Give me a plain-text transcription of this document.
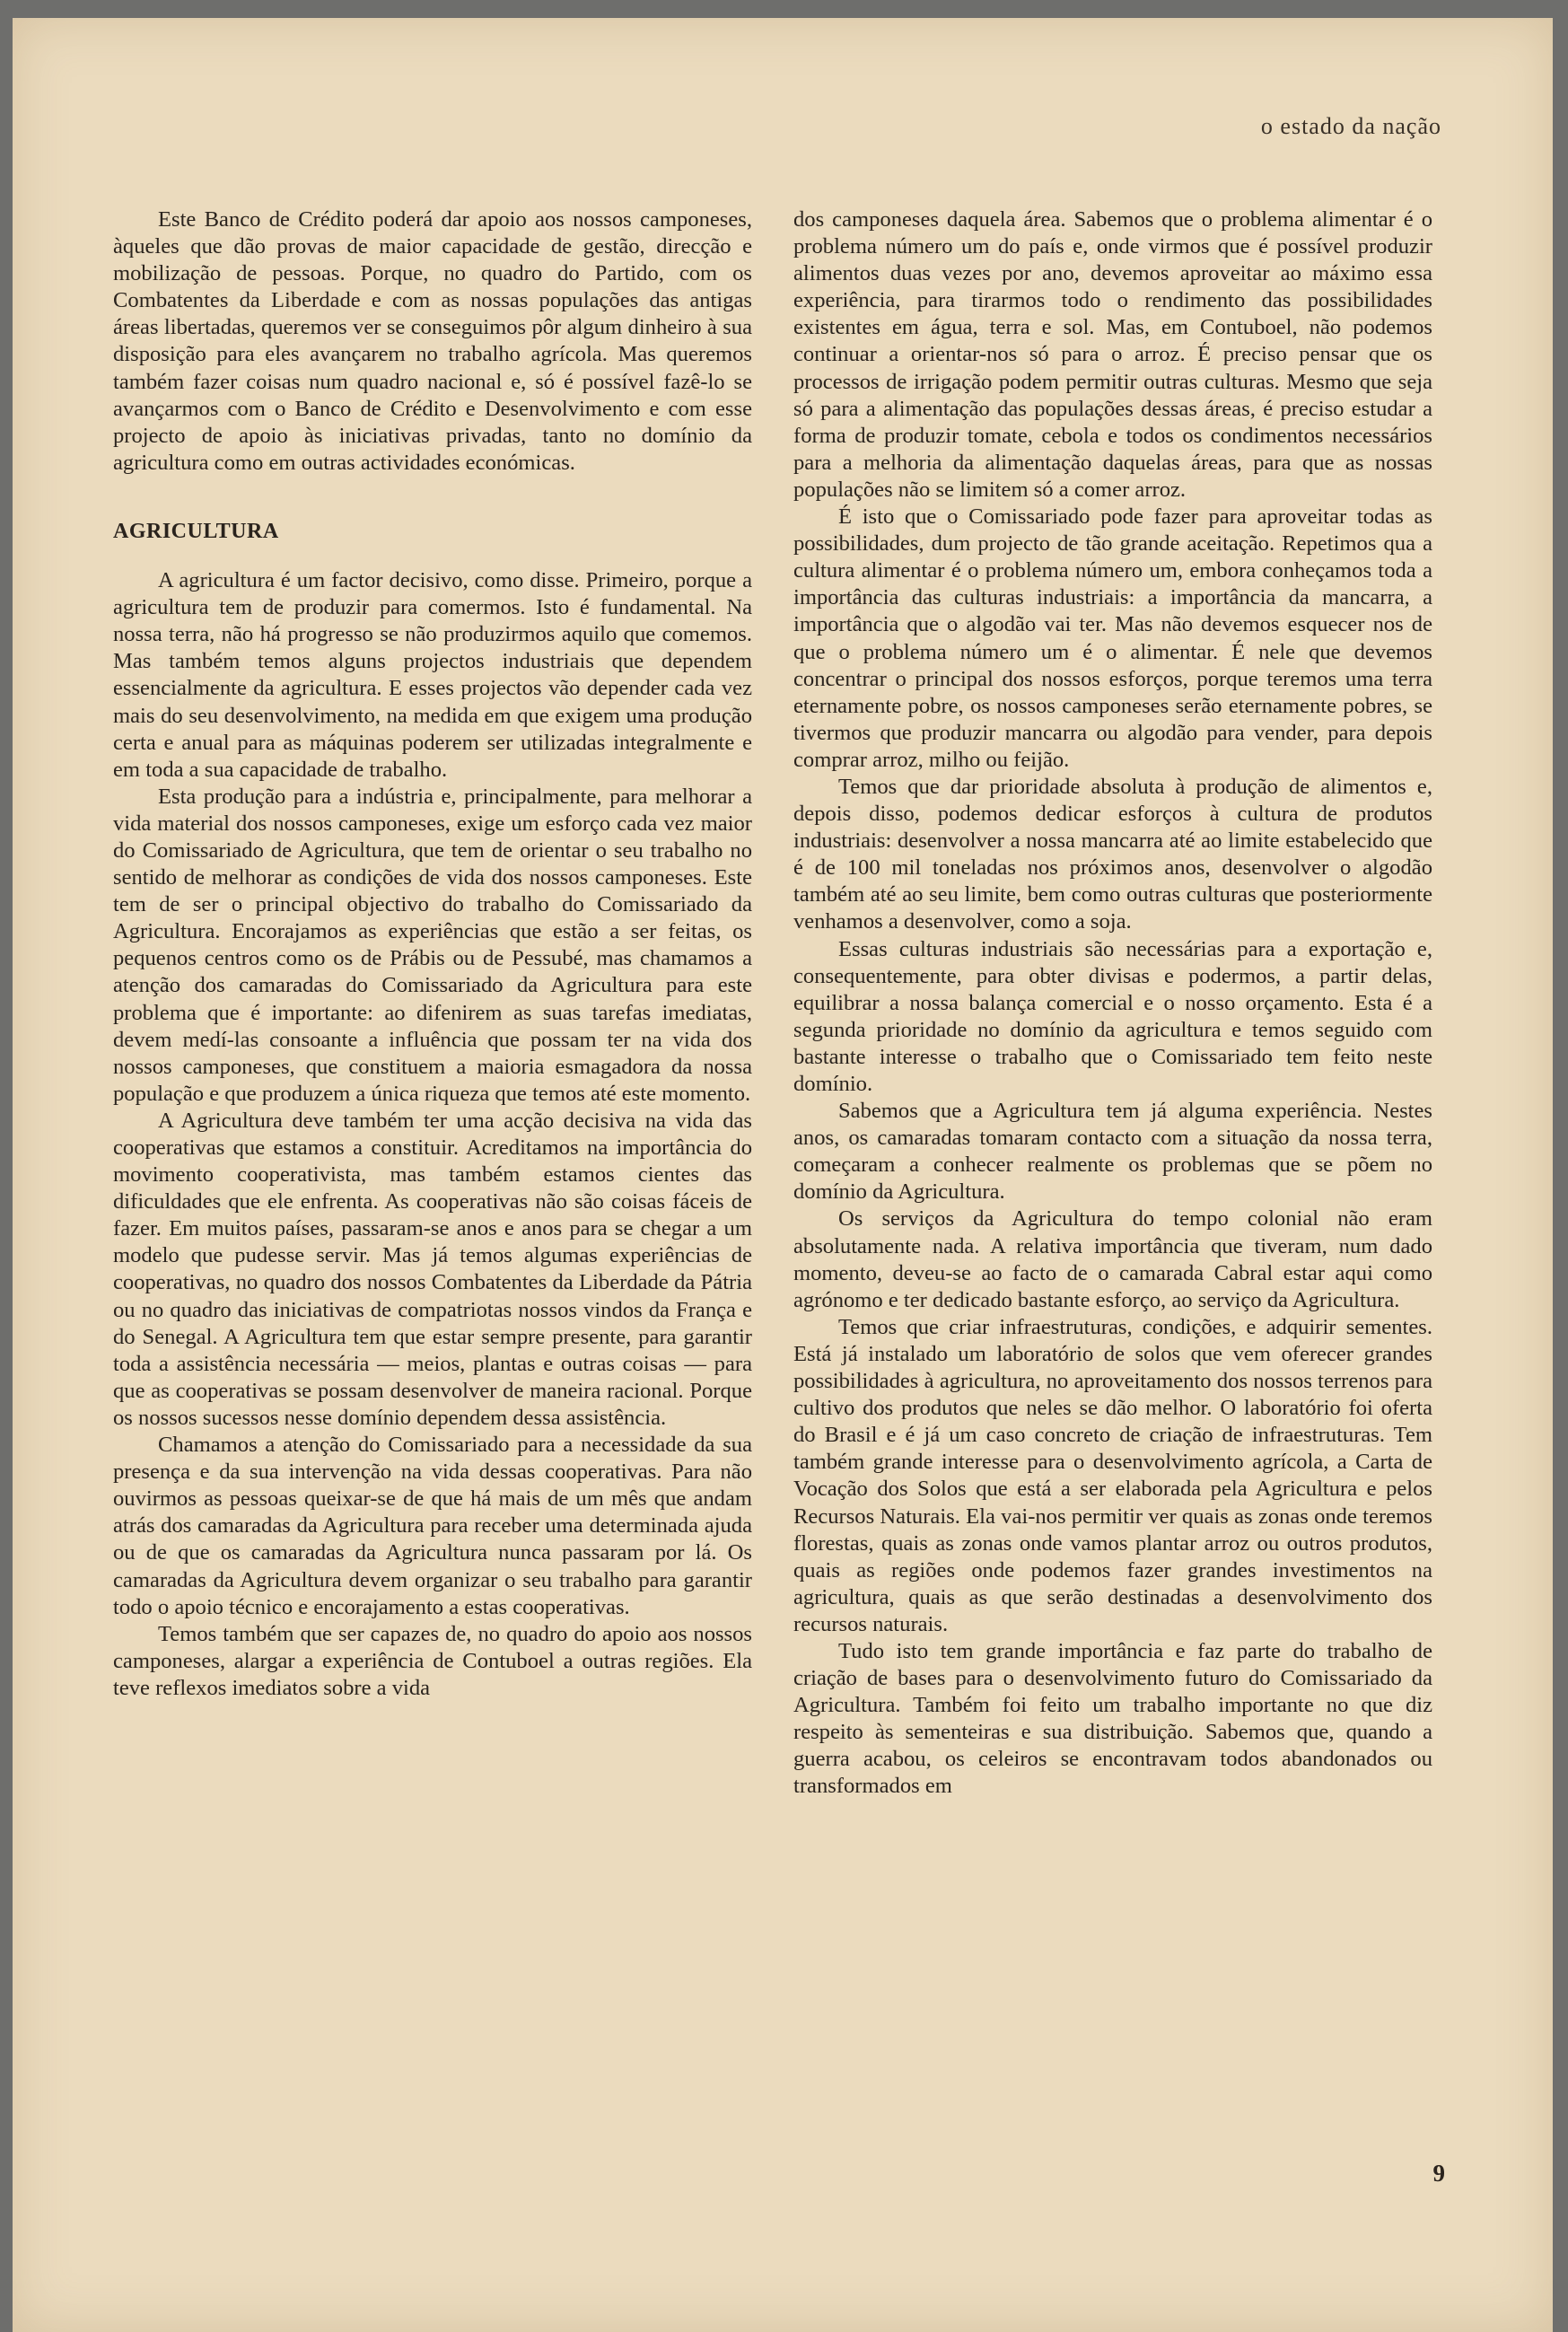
o estado da nação

Este Banco de Crédito poderá dar apoio aos nossos camponeses, àqueles que dão provas de maior capacidade de gestão, direcção e mobilização de pessoas. Porque, no quadro do Partido, com os Combatentes da Liberdade e com as nossas populações das antigas áreas libertadas, queremos ver se conseguimos pôr algum dinheiro à sua disposição para eles avançarem no trabalho agrícola. Mas queremos também fazer coisas num quadro nacional e, só é possível fazê-lo se avançarmos com o Banco de Crédito e Desenvolvimento e com esse projecto de apoio às iniciativas privadas, tanto no domínio da agricultura como em outras actividades económicas.

AGRICULTURA

A agricultura é um factor decisivo, como disse. Primeiro, porque a agricultura tem de produzir para comermos. Isto é fundamental. Na nossa terra, não há progresso se não produzirmos aquilo que comemos. Mas também temos alguns projectos industriais que dependem essencialmente da agricultura. E esses projectos vão depender cada vez mais do seu desenvolvimento, na medida em que exigem uma produção certa e anual para as máquinas poderem ser utilizadas integralmente e em toda a sua capacidade de trabalho.

Esta produção para a indústria e, principalmente, para melhorar a vida material dos nossos camponeses, exige um esforço cada vez maior do Comissariado de Agricultura, que tem de orientar o seu trabalho no sentido de melhorar as condições de vida dos nossos camponeses. Este tem de ser o principal objectivo do trabalho do Comissariado da Agricultura. Encorajamos as experiências que estão a ser feitas, os pequenos centros como os de Prábis ou de Pessubé, mas chamamos a atenção dos camaradas do Comissariado da Agricultura para este problema que é importante: ao difenirem as suas tarefas imediatas, devem medí-las consoante a influência que possam ter na vida dos nossos camponeses, que constituem a maioria esmagadora da nossa população e que produzem a única riqueza que temos até este momento.

A Agricultura deve também ter uma acção decisiva na vida das cooperativas que estamos a constituir. Acreditamos na importância do movimento cooperativista, mas também estamos cientes das dificuldades que ele enfrenta. As cooperativas não são coisas fáceis de fazer. Em muitos países, passaram-se anos e anos para se chegar a um modelo que pudesse servir. Mas já temos algumas experiências de cooperativas, no quadro dos nossos Combatentes da Liberdade da Pátria ou no quadro das iniciativas de compatriotas nossos vindos da França e do Senegal. A Agricultura tem que estar sempre presente, para garantir toda a assistência necessária — meios, plantas e outras coisas — para que as cooperativas se possam desenvolver de maneira racional. Porque os nossos sucessos nesse domínio dependem dessa assistência.

Chamamos a atenção do Comissariado para a necessidade da sua presença e da sua intervenção na vida dessas cooperativas. Para não ouvirmos as pessoas queixar-se de que há mais de um mês que andam atrás dos camaradas da Agricultura para receber uma determinada ajuda ou de que os camaradas da Agricultura nunca passaram por lá. Os camaradas da Agricultura devem organizar o seu trabalho para garantir todo o apoio técnico e encorajamento a estas cooperativas.

Temos também que ser capazes de, no quadro do apoio aos nossos camponeses, alargar a experiência de Contuboel a outras regiões. Ela teve reflexos imediatos sobre a vida

dos camponeses daquela área. Sabemos que o problema alimentar é o problema número um do país e, onde virmos que é possível produzir alimentos duas vezes por ano, devemos aproveitar ao máximo essa experiência, para tirarmos todo o rendimento das possibilidades existentes em água, terra e sol. Mas, em Contuboel, não podemos continuar a orientar-nos só para o arroz. É preciso pensar que os processos de irrigação podem permitir outras culturas. Mesmo que seja só para a alimentação das populações dessas áreas, é preciso estudar a forma de produzir tomate, cebola e todos os condimentos necessários para a melhoria da alimentação daquelas áreas, para que as nossas populações não se limitem só a comer arroz.

É isto que o Comissariado pode fazer para aproveitar todas as possibilidades, dum projecto de tão grande aceitação. Repetimos qua a cultura alimentar é o problema número um, embora conheçamos toda a importância das culturas industriais: a importância da mancarra, a importância que o algodão vai ter. Mas não devemos esquecer nos de que o problema número um é o alimentar. É nele que devemos concentrar o principal dos nossos esforços, porque teremos uma terra eternamente pobre, os nossos camponeses serão eternamente pobres, se tivermos que produzir mancarra ou algodão para vender, para depois comprar arroz, milho ou feijão.

Temos que dar prioridade absoluta à produção de alimentos e, depois disso, podemos dedicar esforços à cultura de produtos industriais: desenvolver a nossa mancarra até ao limite estabelecido que é de 100 mil toneladas nos próximos anos, desenvolver o algodão também até ao seu limite, bem como outras culturas que posteriormente venhamos a desenvolver, como a soja.

Essas culturas industriais são necessárias para a exportação e, consequentemente, para obter divisas e podermos, a partir delas, equilibrar a nossa balança comercial e o nosso orçamento. Esta é a segunda prioridade no domínio da agricultura e temos seguido com bastante interesse o trabalho que o Comissariado tem feito neste domínio.

Sabemos que a Agricultura tem já alguma experiência. Nestes anos, os camaradas tomaram contacto com a situação da nossa terra, começaram a conhecer realmente os problemas que se põem no domínio da Agricultura.

Os serviços da Agricultura do tempo colonial não eram absolutamente nada. A relativa importância que tiveram, num dado momento, deveu-se ao facto de o camarada Cabral estar aqui como agrónomo e ter dedicado bastante esforço, ao serviço da Agricultura.

Temos que criar infraestruturas, condições, e adquirir sementes. Está já instalado um laboratório de solos que vem oferecer grandes possibilidades à agricultura, no aproveitamento dos nossos terrenos para cultivo dos produtos que neles se dão melhor. O laboratório foi oferta do Brasil e é já um caso concreto de criação de infraestruturas. Tem também grande interesse para o desenvolvimento agrícola, a Carta de Vocação dos Solos que está a ser elaborada pela Agricultura e pelos Recursos Naturais. Ela vai-nos permitir ver quais as zonas onde teremos florestas, quais as zonas onde vamos plantar arroz ou outros produtos, quais as regiões onde podemos fazer grandes investimentos na agricultura, quais as que serão destinadas a desenvolvimento dos recursos naturais.

Tudo isto tem grande importância e faz parte do trabalho de criação de bases para o desenvolvimento futuro do Comissariado da Agricultura. Também foi feito um trabalho importante no que diz respeito às sementeiras e sua distribuição. Sabemos que, quando a guerra acabou, os celeiros se encontravam todos abandonados ou transformados em

9
